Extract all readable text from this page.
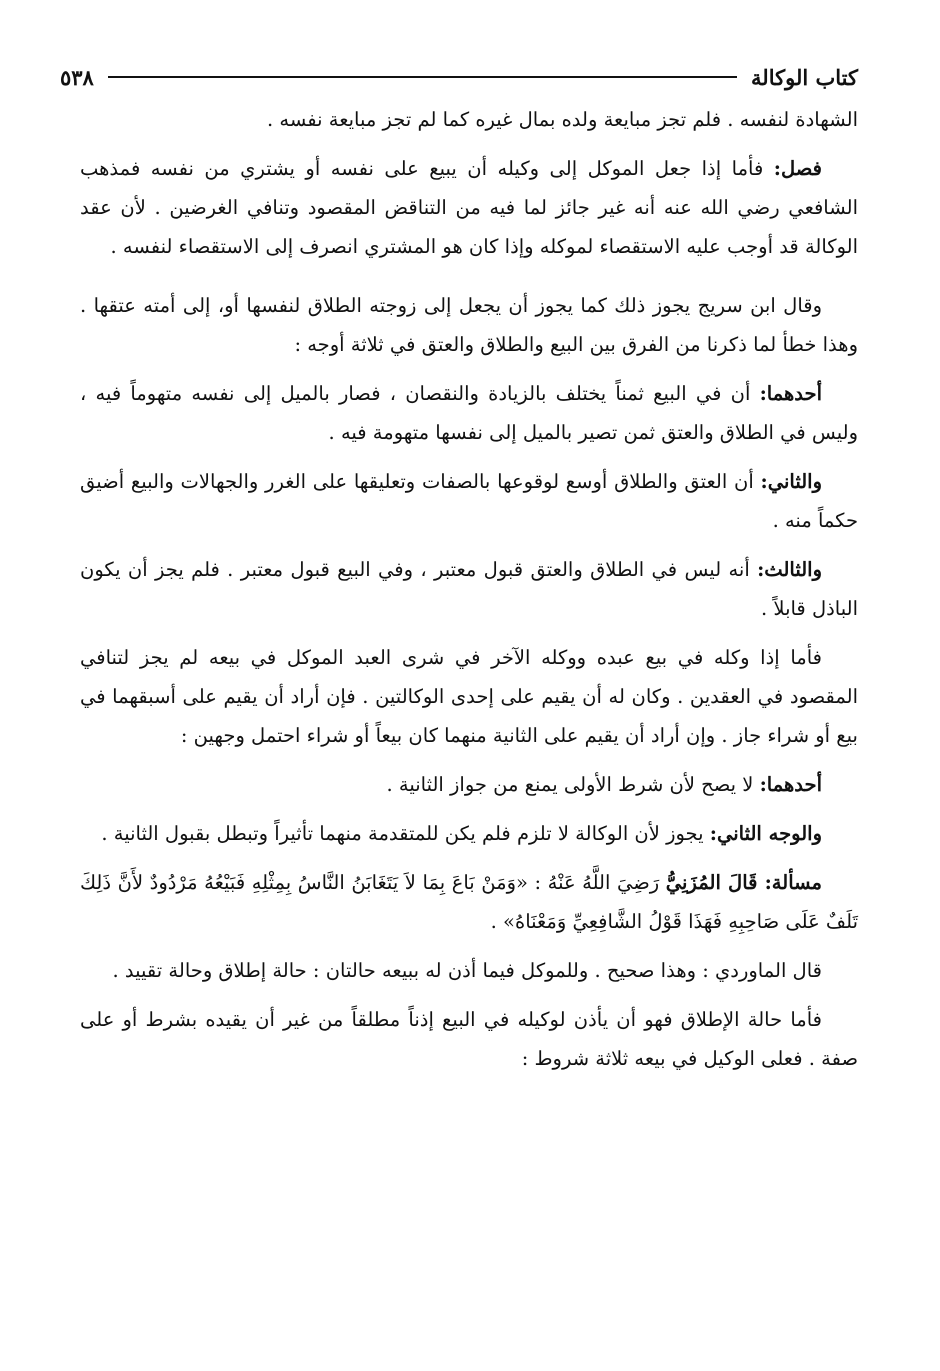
كتاب الوكالة
٥٣٨

الشهادة لنفسه . فلم تجز مبايعة ولده بمال غيره كما لم تجز مبايعة نفسه .

فصل: فأما إذا جعل الموكل إلى وكيله أن يبيع على نفسه أو يشتري من نفسه فمذهب الشافعي رضي الله عنه أنه غير جائز لما فيه من التناقض المقصود وتنافي الغرضين . لأن عقد الوكالة قد أوجب عليه الاستقصاء لموكله وإذا كان هو المشتري انصرف إلى الاستقصاء لنفسه .

وقال ابن سريج يجوز ذلك كما يجوز أن يجعل إلى زوجته الطلاق لنفسها أو، إلى أمته عتقها . وهذا خطأ لما ذكرنا من الفرق بين البيع والطلاق والعتق في ثلاثة أوجه :

أحدهما: أن في البيع ثمناً يختلف بالزيادة والنقصان ، فصار بالميل إلى نفسه متهوماً فيه ، وليس في الطلاق والعتق ثمن تصير بالميل إلى نفسها متهومة فيه .

والثاني: أن العتق والطلاق أوسع لوقوعها بالصفات وتعليقها على الغرر والجهالات والبيع أضيق حكماً منه .

والثالث: أنه ليس في الطلاق والعتق قبول معتبر ، وفي البيع قبول معتبر . فلم يجز أن يكون الباذل قابلاً .

فأما إذا وكله في بيع عبده ووكله الآخر في شرى العبد الموكل في بيعه لم يجز لتنافي المقصود في العقدين . وكان له أن يقيم على إحدى الوكالتين . فإن أراد أن يقيم على أسبقهما في بيع أو شراء جاز . وإن أراد أن يقيم على الثانية منهما كان بيعاً أو شراء احتمل وجهين :

أحدهما: لا يصح لأن شرط الأولى يمنع من جواز الثانية .

والوجه الثاني: يجوز لأن الوكالة لا تلزم فلم يكن للمتقدمة منهما تأثيراً وتبطل بقبول الثانية .

مسألة: قَالَ المُزَنِيُّ رَضِيَ اللَّهُ عَنْهُ : «وَمَنْ بَاعَ بِمَا لاَ يَتَغَابَنُ النَّاسُ بِمِثْلِهِ فَبَيْعُهُ مَرْدُودٌ لأَنَّ ذَلِكَ تَلَفٌ عَلَى صَاحِبِهِ فَهَذَا قَوْلُ الشَّافِعِيِّ وَمَعْنَاهُ» .

قال الماوردي : وهذا صحيح . وللموكل فيما أذن له ببيعه حالتان : حالة إطلاق وحالة تقييد .

فأما حالة الإطلاق فهو أن يأذن لوكيله في البيع إذناً مطلقاً من غير أن يقيده بشرط أو على صفة . فعلى الوكيل في بيعه ثلاثة شروط :
